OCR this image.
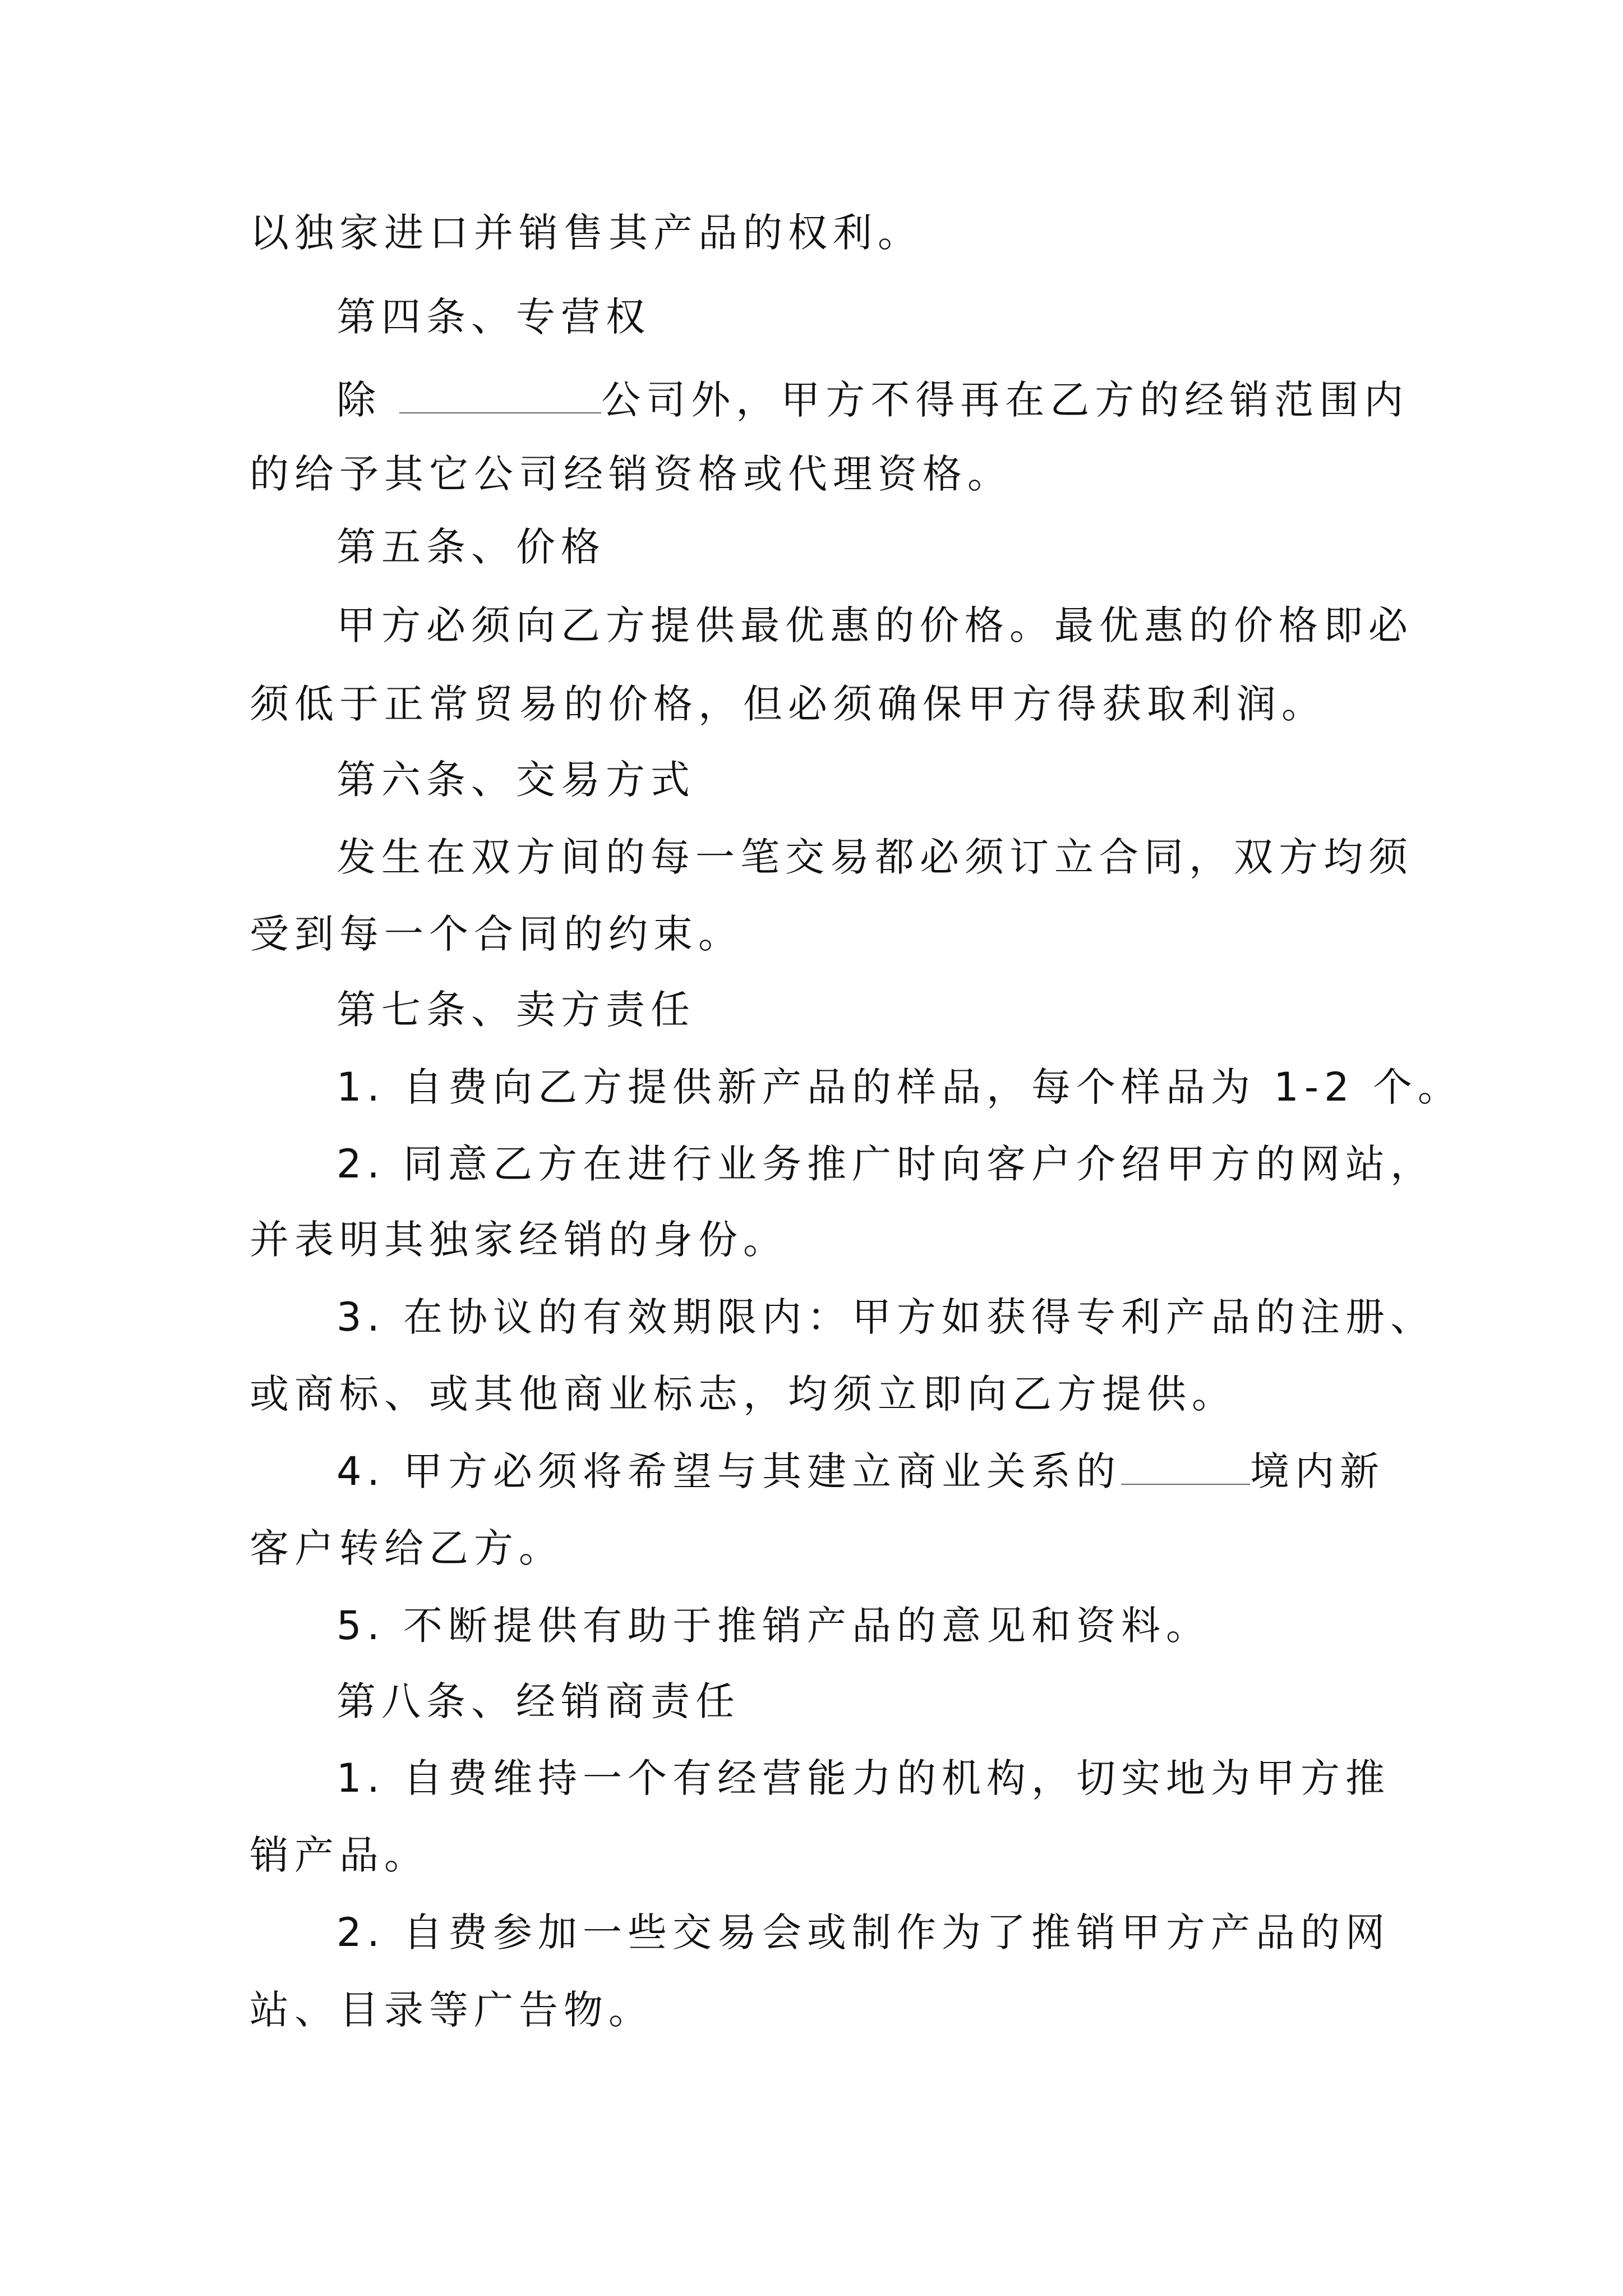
以独家进口并销售其产品的权利。
第四条、专营权
除	公司外，甲方不得再在乙方的经销范围内
的给予其它公司经销资格或代理资格。
第五条、价格
甲方必须向乙方提供最优惠的价格。最优惠的价格即必
须低于正常贸易的价格，但必须确保甲方得获取利润。
第六条、交易方式
发生在双方间的每一笔交易都必须订立合同，双方均须
受到每一个合同的约束。
第七条、卖方责任
1. 自费向乙方提供新产品的样品，每个样品为 1-2 个。
2. 同意乙方在进行业务推广时向客户介绍甲方的网站，
并表明其独家经销的身份。
3. 在协议的有效期限内：甲方如获得专利产品的注册、
或商标、或其他商业标志，均须立即向乙方提供。
4. 甲方必须将希望与其建立商业关系的	境内新
客户转给乙方。
5. 不断提供有助于推销产品的意见和资料。
第八条、经销商责任
1. 自费维持一个有经营能力的机构，切实地为甲方推
销产品。
2. 自费参加一些交易会或制作为了推销甲方产品的网
站、目录等广告物。
